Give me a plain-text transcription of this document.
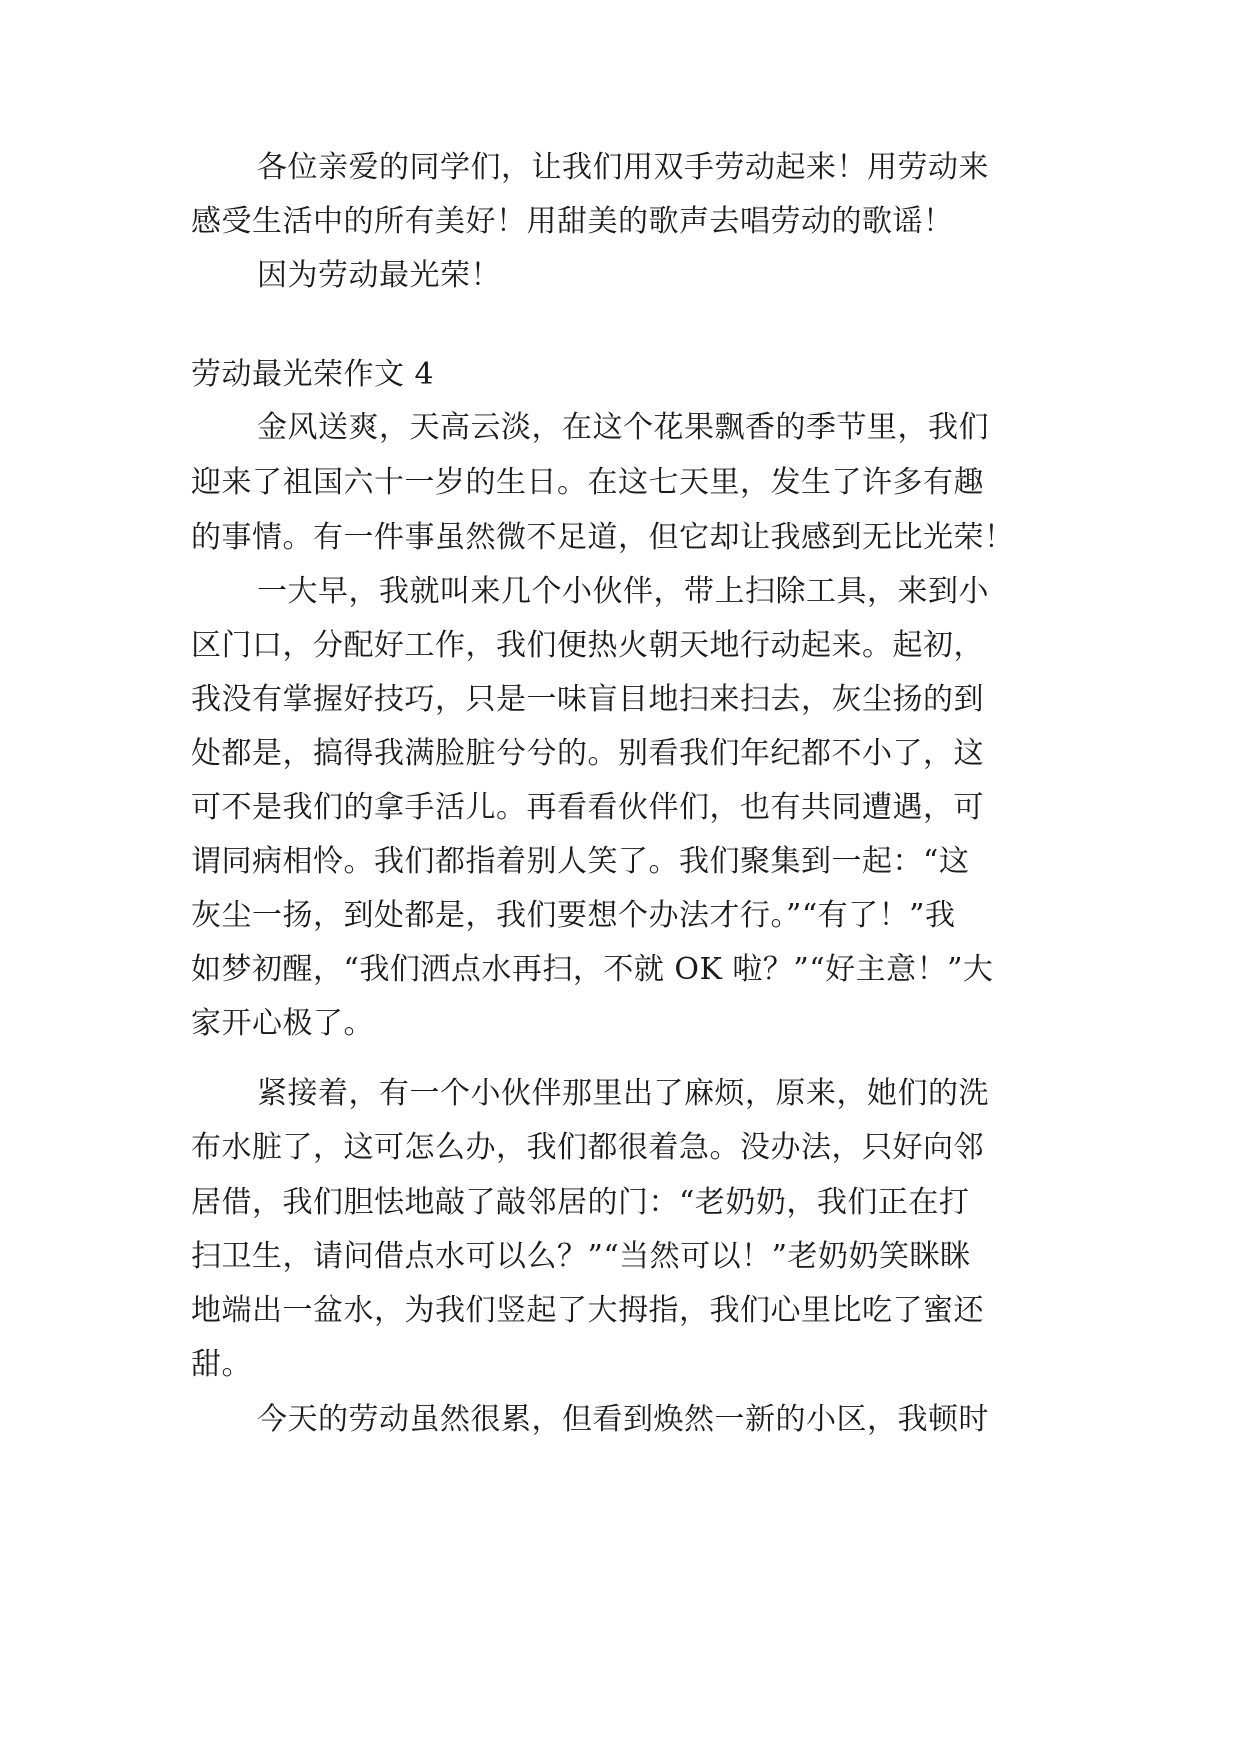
各位亲爱的同学们，让我们用双手劳动起来！用劳动来
感受生活中的所有美好！用甜美的歌声去唱劳动的歌谣！
因为劳动最光荣！
劳动最光荣作文 4
金风送爽，天高云淡，在这个花果飘香的季节里，我们
迎来了祖国六十一岁的生日。在这七天里，发生了许多有趣
的事情。有一件事虽然微不足道，但它却让我感到无比光荣！
一大早，我就叫来几个小伙伴，带上扫除工具，来到小
区门口，分配好工作，我们便热火朝天地行动起来。起初，
我没有掌握好技巧，只是一味盲目地扫来扫去，灰尘扬的到
处都是，搞得我满脸脏兮兮的。别看我们年纪都不小了，这
可不是我们的拿手活儿。再看看伙伴们，也有共同遭遇，可
谓同病相怜。我们都指着别人笑了。我们聚集到一起：“这
灰尘一扬，到处都是，我们要想个办法才行。”“有了！”我
如梦初醒，“我们洒点水再扫，不就 OK 啦？”“好主意！”大
家开心极了。
紧接着，有一个小伙伴那里出了麻烦，原来，她们的洗
布水脏了，这可怎么办，我们都很着急。没办法，只好向邻
居借，我们胆怯地敲了敲邻居的门：“老奶奶，我们正在打
扫卫生，请问借点水可以么？”“当然可以！”老奶奶笑眯眯
地端出一盆水，为我们竖起了大拇指，我们心里比吃了蜜还
甜。
今天的劳动虽然很累，但看到焕然一新的小区，我顿时
